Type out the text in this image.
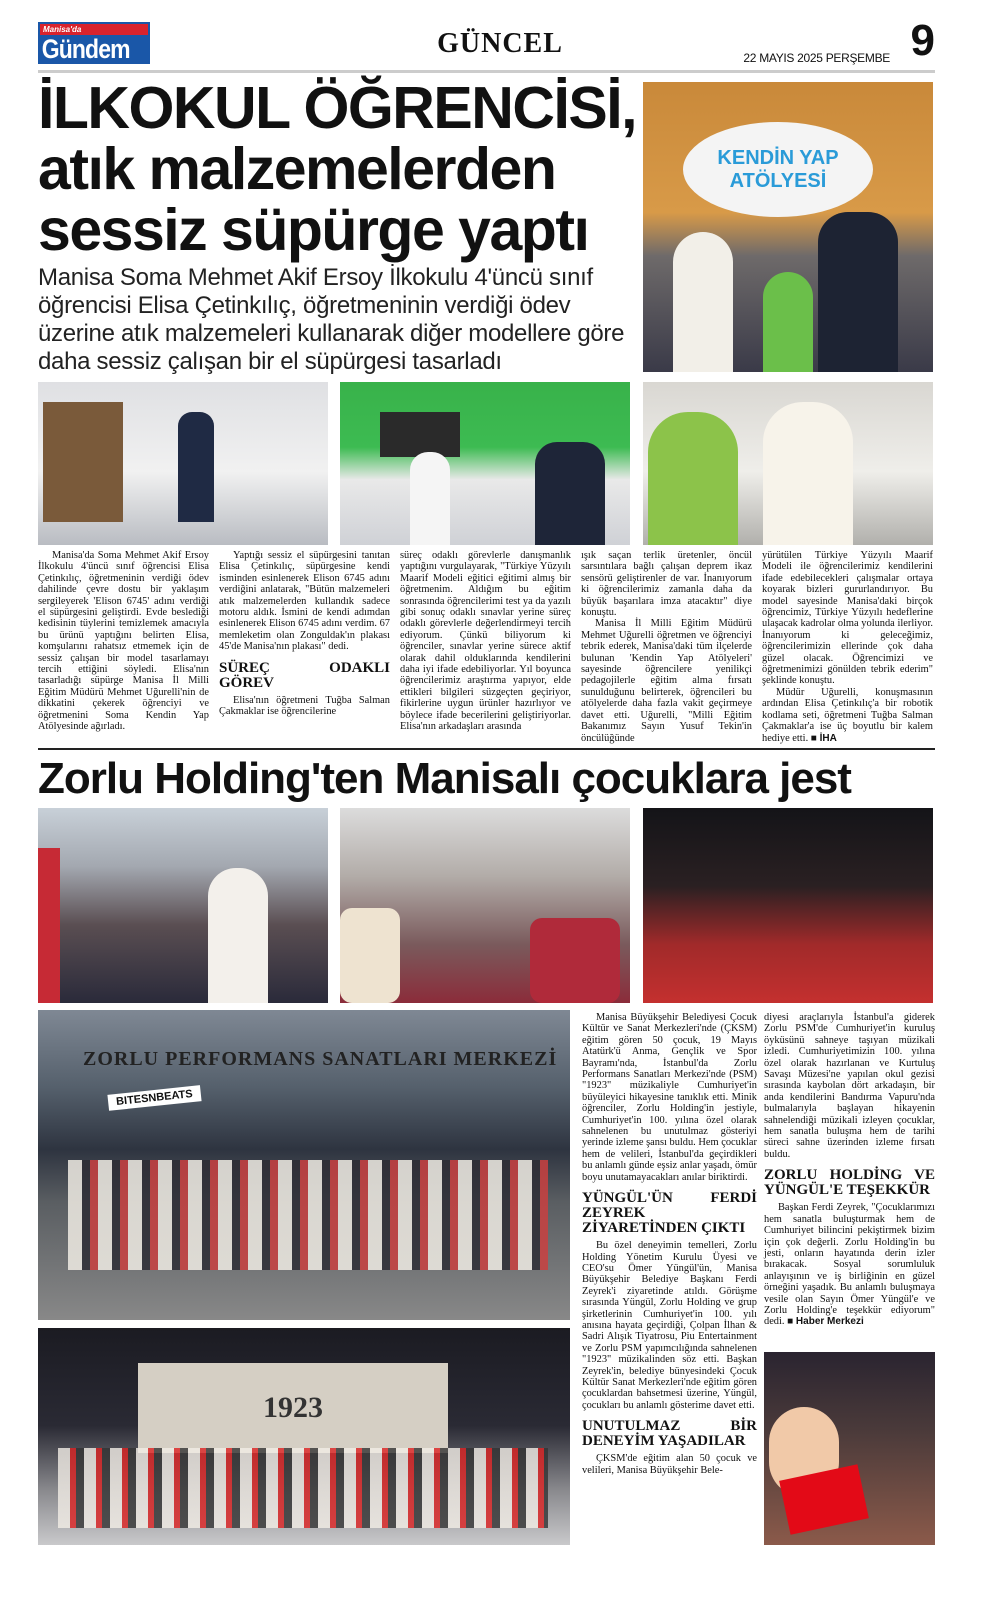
Manisa'da
Gündem	GÜNCEL	22 MAYIS 2025 PERŞEMBE 9
İLKOKUL ÖĞRENCİSİ, atık malzemelerden sessiz süpürge yaptı
Manisa Soma Mehmet Akif Ersoy İlkokulu 4'üncü sınıf öğrencisi Elisa Çetinkılıç, öğretmeninin verdiği ödev üzerine atık malzemeleri kullanarak diğer modellere göre daha sessiz çalışan bir el süpürgesi tasarladı
KENDİN YAP ATÖLYESİ

Manisa'da Soma Mehmet Akif Ersoy İlkokulu 4'üncü sınıf öğrencisi Elisa Çetinkılıç, öğretmeninin verdiği ödev dahilinde çevre dostu bir yaklaşım sergileyerek 'Elison 6745' adını verdiği el süpürgesini geliştirdi. Evde beslediği kedisinin tüylerini temizlemek amacıyla bu ürünü yaptığını belirten Elisa, komşularını rahatsız etmemek için de sessiz çalışan bir model tasarlamayı tercih ettiğini söyledi. Elisa'nın tasarladığı süpürge Manisa İl Milli Eğitim Müdürü Mehmet Uğurelli'nin de dikkatini çekerek öğrenciyi ve öğretmenini Soma Kendin Yap Atölyesinde ağırladı.

Yaptığı sessiz el süpürgesini tanıtan Elisa Çetinkılıç, süpürgesine kendi isminden esinlenerek Elison 6745 adını verdiğini anlatarak, "Bütün malzemeleri atık malzemelerden kullandık sadece motoru aldık. İsmini de kendi adımdan esinlenerek Elison 6745 adını verdim. 67 memleketim olan Zonguldak'ın plakası 45'de Manisa'nın plakası" dedi.

SÜREÇ ODAKLI GÖREV

Elisa'nın öğretmeni Tuğba Salman Çakmaklar ise öğrencilerine

süreç odaklı görevlerle danışmanlık yaptığını vurgulayarak, "Türkiye Yüzyılı Maarif Modeli eğitici eğitimi almış bir öğretmenim. Aldığım bu eğitim sonrasında öğrencilerimi test ya da yazılı gibi sonuç odaklı sınavlar yerine süreç odaklı görevlerle değerlendirmeyi tercih ediyorum. Çünkü biliyorum ki öğrenciler, sınavlar yerine sürece aktif olarak dahil olduklarında kendilerini daha iyi ifade edebiliyorlar. Yıl boyunca öğrencilerimiz araştırma yapıyor, elde ettikleri bilgileri süzgeçten geçiriyor, fikirlerine uygun ürünler hazırlıyor ve böylece ifade becerilerini geliştiriyorlar. Elisa'nın arkadaşları arasında

ışık saçan terlik üretenler, öncül sarsıntılara bağlı çalışan deprem ikaz sensörü geliştirenler de var. İnanıyorum ki öğrencilerimiz zamanla daha da büyük başarılara imza atacaktır" diye konuştu.

Manisa İl Milli Eğitim Müdürü Mehmet Uğurelli öğretmen ve öğrenciyi tebrik ederek, Manisa'daki tüm ilçelerde bulunan 'Kendin Yap Atölyeleri' sayesinde öğrencilere yenilikçi pedagojilerle eğitim alma fırsatı sunulduğunu belirterek, öğrencileri bu atölyelerde daha fazla vakit geçirmeye davet etti. Uğurelli, "Milli Eğitim Bakanımız Sayın Yusuf Tekin'in öncülüğünde

yürütülen Türkiye Yüzyılı Maarif Modeli ile öğrencilerimiz kendilerini ifade edebilecekleri çalışmalar ortaya koyarak bizleri gururlandırıyor. Bu model sayesinde Manisa'daki birçok öğrencimiz, Türkiye Yüzyılı hedeflerine ulaşacak kadrolar olma yolunda ilerliyor. İnanıyorum ki geleceğimiz, öğrencilerimizin ellerinde çok daha güzel olacak. Öğrencimizi ve öğretmenimizi gönülden tebrik ederim" şeklinde konuştu.

Müdür Uğurelli, konuşmasının ardından Elisa Çetinkılıç'a bir robotik kodlama seti, öğretmeni Tuğba Salman Çakmaklar'a ise üç boyutlu bir kalem hediye etti. ■ İHA

Zorlu Holding'ten Manisalı çocuklara jest
ZORLU PERFORMANS SANATLARI MERKEZİ
BITESNBEATS
1923

Manisa Büyükşehir Belediyesi Çocuk Kültür ve Sanat Merkezleri'nde (ÇKSM) eğitim gören 50 çocuk, 19 Mayıs Atatürk'ü Anma, Gençlik ve Spor Bayramı'nda, İstanbul'da Zorlu Performans Sanatları Merkezi'nde (PSM) "1923" müzikaliyle Cumhuriyet'in büyüleyici hikayesine tanıklık etti. Minik öğrenciler, Zorlu Holding'in jestiyle, Cumhuriyet'in 100. yılına özel olarak sahnelenen bu unutulmaz gösteriyi yerinde izleme şansı buldu. Hem çocuklar hem de velileri, İstanbul'da geçirdikleri bu anlamlı günde eşsiz anlar yaşadı, ömür boyu unutamayacakları anılar biriktirdi.

YÜNGÜL'ÜN FERDİ ZEYREK ZİYARETİNDEN ÇIKTI

Bu özel deneyimin temelleri, Zorlu Holding Yönetim Kurulu Üyesi ve CEO'su Ömer Yüngül'ün, Manisa Büyükşehir Belediye Başkanı Ferdi Zeyrek'i ziyaretinde atıldı. Görüşme sırasında Yüngül, Zorlu Holding ve grup şirketlerinin Cumhuriyet'in 100. yılı anısına hayata geçirdiği, Çolpan İlhan & Sadri Alışık Tiyatrosu, Piu Entertainment ve Zorlu PSM yapımcılığında sahnelenen "1923" müzikalinden söz etti. Başkan Zeyrek'in, belediye bünyesindeki Çocuk Kültür Sanat Merkezleri'nde eğitim gören çocuklardan bahsetmesi üzerine, Yüngül, çocukları bu anlamlı gösterime davet etti.

UNUTULMAZ BİR DENEYİM YAŞADILAR

ÇKSM'de eğitim alan 50 çocuk ve velileri, Manisa Büyükşehir Bele-

diyesi araçlarıyla İstanbul'a giderek Zorlu PSM'de Cumhuriyet'in kuruluş öyküsünü sahneye taşıyan müzikali izledi. Cumhuriyetimizin 100. yılına özel olarak hazırlanan ve Kurtuluş Savaşı Müzesi'ne yapılan okul gezisi sırasında kaybolan dört arkadaşın, bir anda kendilerini Bandırma Vapuru'nda bulmalarıyla başlayan hikayenin sahnelendiği müzikali izleyen çocuklar, hem sanatla buluşma hem de tarihi süreci sahne üzerinden izleme fırsatı buldu.

ZORLU HOLDİNG VE YÜNGÜL'E TEŞEKKÜR

Başkan Ferdi Zeyrek, "Çocuklarımızı hem sanatla buluşturmak hem de Cumhuriyet bilincini pekiştirmek bizim için çok değerli. Zorlu Holding'in bu jesti, onların hayatında derin izler bırakacak. Sosyal sorumluluk anlayışının ve iş birliğinin en güzel örneğini yaşadık. Bu anlamlı buluşmaya vesile olan Sayın Ömer Yüngül'e ve Zorlu Holding'e teşekkür ediyorum" dedi. ■ Haber Merkezi
